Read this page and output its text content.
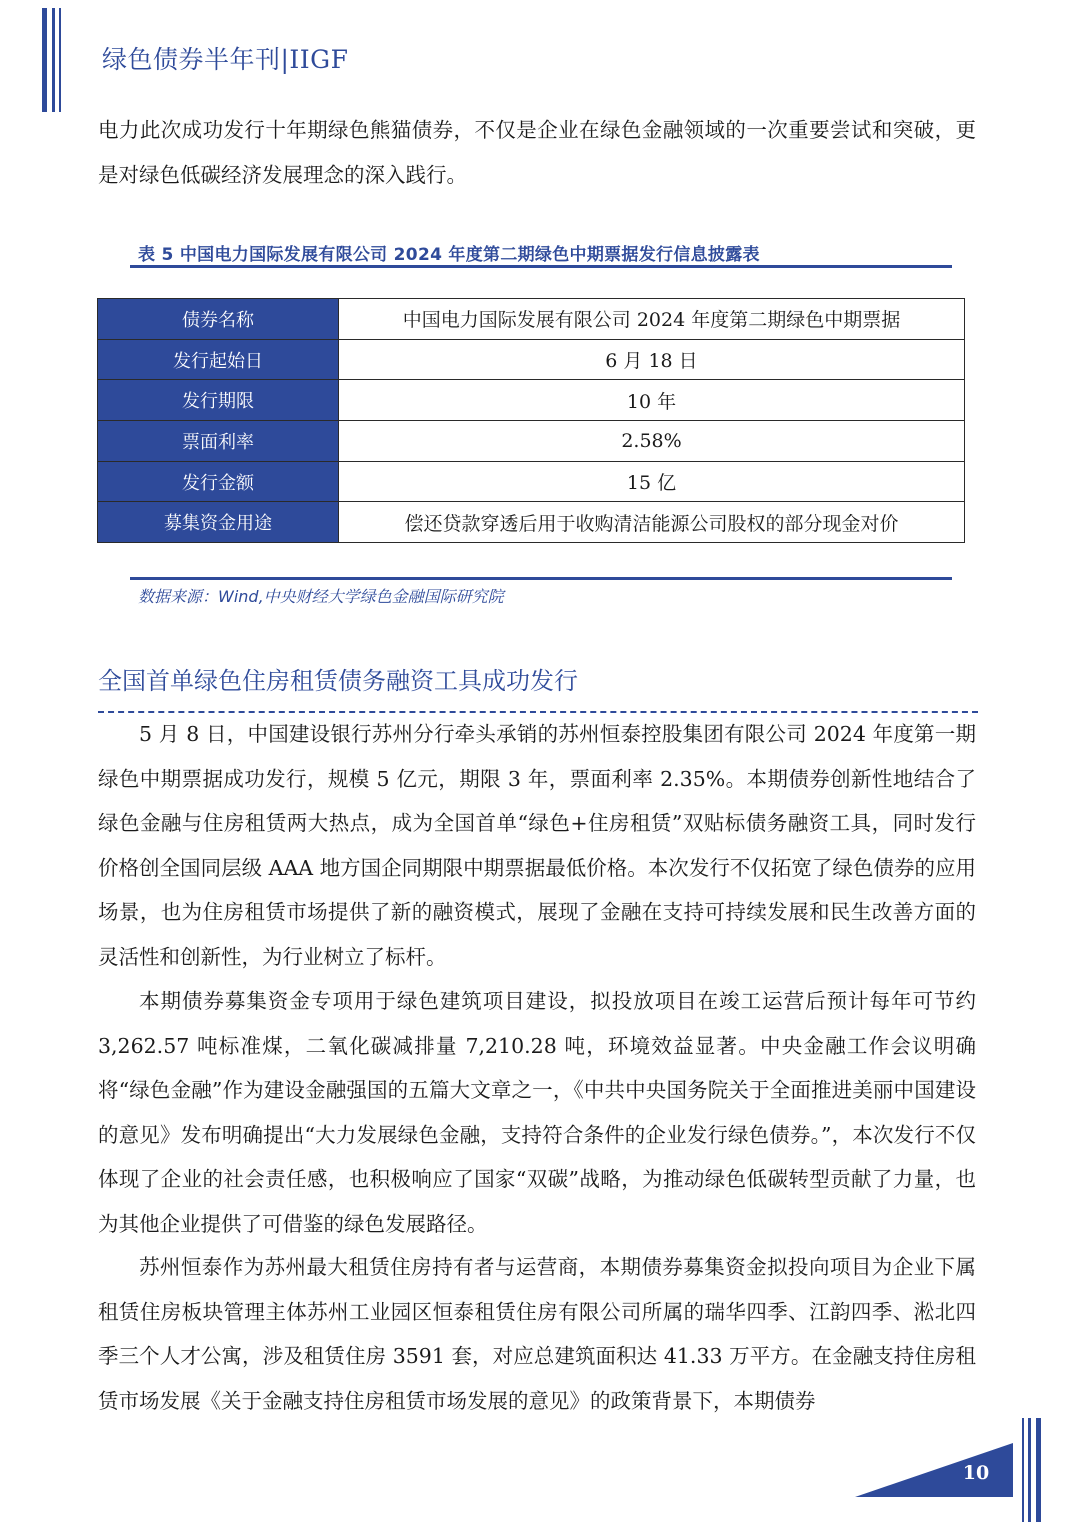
绿色债券半年刊|IIGF

电力此次成功发行十年期绿色熊猫债券，不仅是企业在绿色金融领域的一次重要尝试和突破，更是对绿色低碳经济发展理念的深入践行。

表 5 中国电力国际发展有限公司 2024 年度第二期绿色中期票据发行信息披露表
债券名称	中国电力国际发展有限公司 2024 年度第二期绿色中期票据
发行起始日	6 月 18 日
发行期限	10 年
票面利率	2.58%
发行金额	15 亿
募集资金用途	偿还贷款穿透后用于收购清洁能源公司股权的部分现金对价
数据来源：Wind,中央财经大学绿色金融国际研究院
全国首单绿色住房租赁债务融资工具成功发行

5 月 8 日，中国建设银行苏州分行牵头承销的苏州恒泰控股集团有限公司 2024 年度第一期绿色中期票据成功发行，规模 5 亿元，期限 3 年，票面利率 2.35%。本期债券创新性地结合了绿色金融与住房租赁两大热点，成为全国首单“绿色+住房租赁”双贴标债务融资工具，同时发行价格创全国同层级 AAA 地方国企同期限中期票据最低价格。本次发行不仅拓宽了绿色债券的应用场景，也为住房租赁市场提供了新的融资模式，展现了金融在支持可持续发展和民生改善方面的灵活性和创新性，为行业树立了标杆。

本期债券募集资金专项用于绿色建筑项目建设，拟投放项目在竣工运营后预计每年可节约 3,262.57 吨标准煤，二氧化碳减排量 7,210.28 吨，环境效益显著。中央金融工作会议明确将“绿色金融”作为建设金融强国的五篇大文章之一，《中共中央国务院关于全面推进美丽中国建设的意见》发布明确提出“大力发展绿色金融，支持符合条件的企业发行绿色债券。”，本次发行不仅体现了企业的社会责任感，也积极响应了国家“双碳”战略，为推动绿色低碳转型贡献了力量，也为其他企业提供了可借鉴的绿色发展路径。

苏州恒泰作为苏州最大租赁住房持有者与运营商，本期债券募集资金拟投向项目为企业下属租赁住房板块管理主体苏州工业园区恒泰租赁住房有限公司所属的瑞华四季、江韵四季、淞北四季三个人才公寓，涉及租赁住房 3591 套，对应总建筑面积达 41.33 万平方。在金融支持住房租赁市场发展《关于金融支持住房租赁市场发展的意见》的政策背景下，本期债券

10
